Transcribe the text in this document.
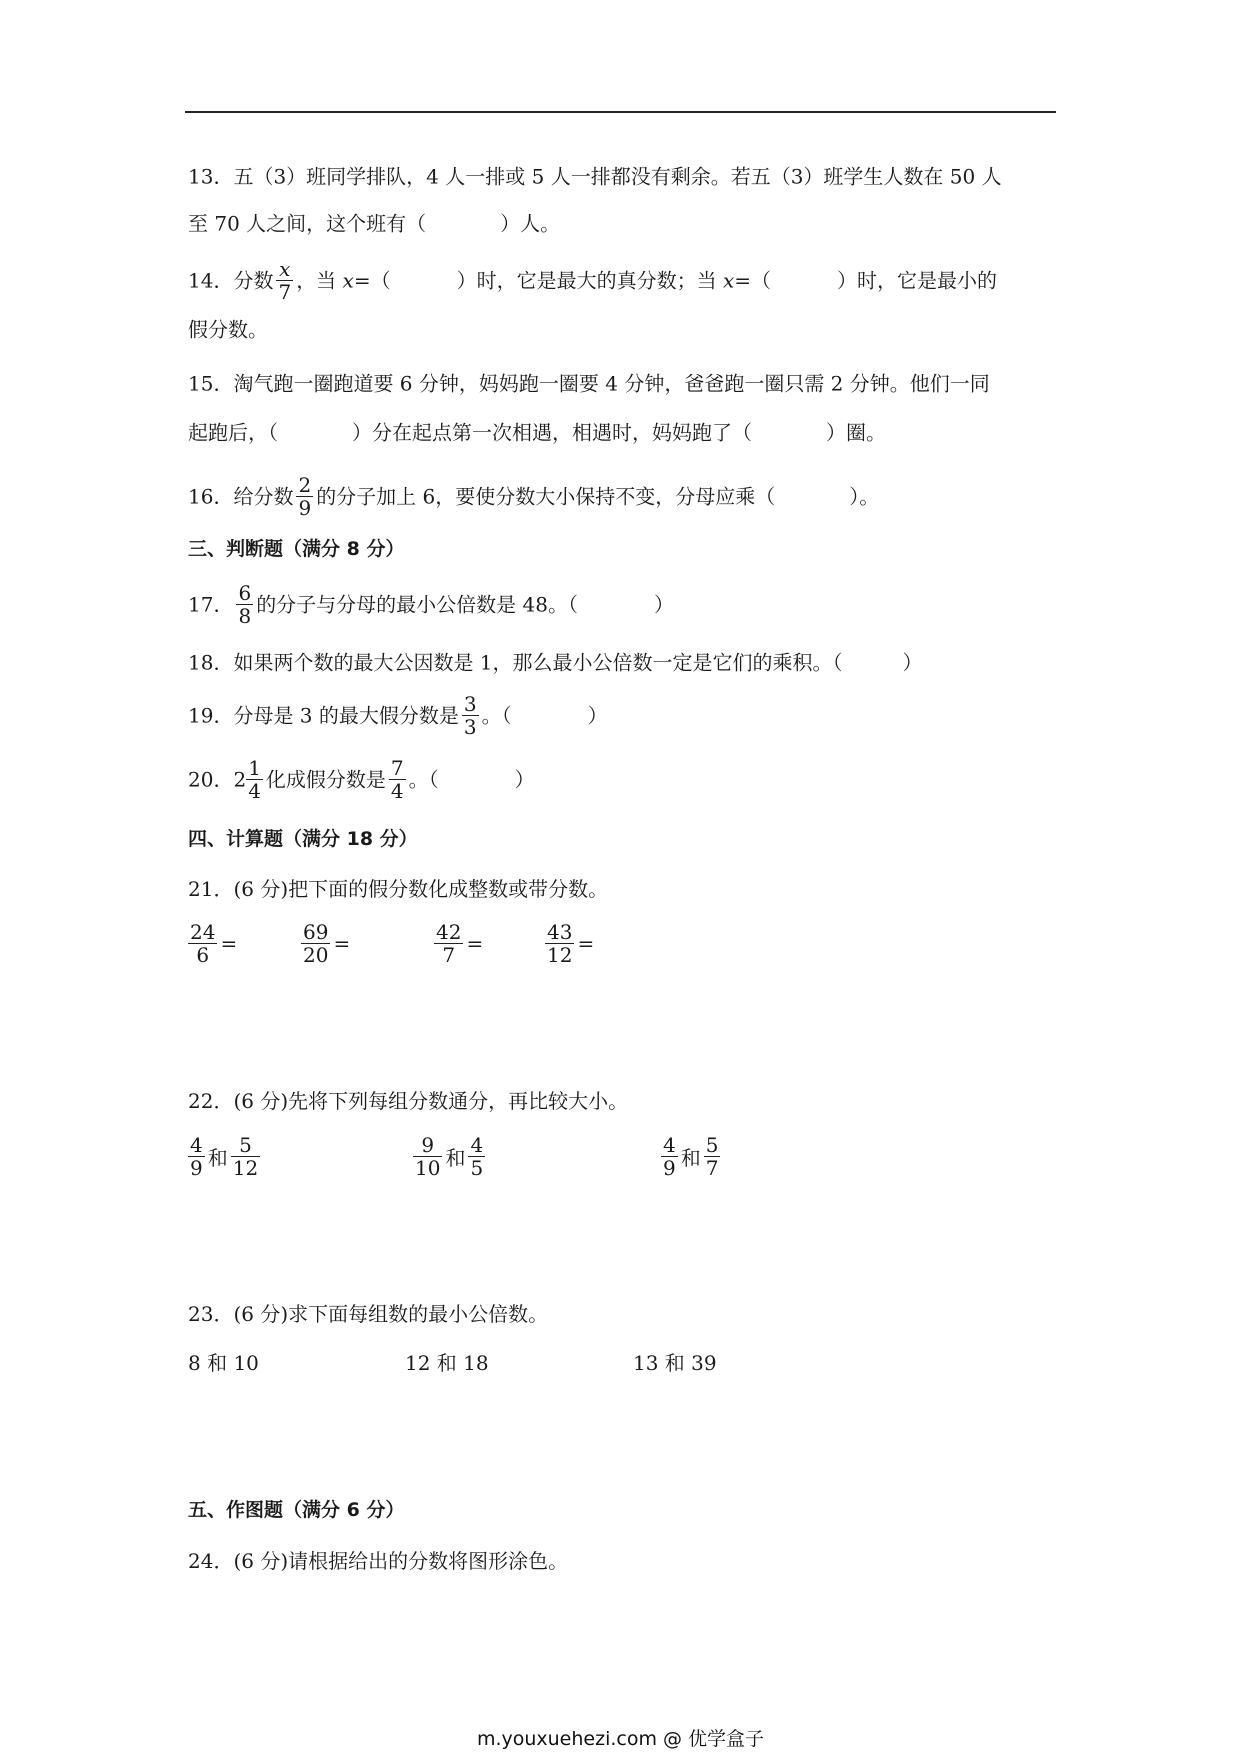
13．五（3）班同学排队，4 人一排或 5 人一排都没有剩余。若五（3）班学生人数在 50 人
至 70 人之间，这个班有（	）人。
14．分数 $\frac{x}{7}$ ，当 x=（	）时，它是最大的真分数；当 x=（	）时，它是最小的
假分数。
15．淘气跑一圈跑道要 6 分钟，妈妈跑一圈要 4 分钟，爸爸跑一圈只需 2 分钟。他们一同
起跑后，（	）分在起点第一次相遇，相遇时，妈妈跑了（	）圈。
16．给分数 $\frac{2}{9}$ 的分子加上 6，要使分数大小保持不变，分母应乘（	）。
三、判断题（满分 8 分）
17． $\frac{6}{8}$ 的分子与分母的最小公倍数是 48。（	）
18．如果两个数的最大公因数是 1，那么最小公倍数一定是它们的乘积。（	）
19．分母是 3 的最大假分数是 $\frac{3}{3}$ 。（	）
20．$2 \frac{1}{4}$ 化成假分数是 $\frac{7}{4}$ 。（	）
四、计算题（满分 18 分）
21．(6 分)把下面的假分数化成整数或带分数。
$\frac{24}{6}$ =	$\frac{69}{20}$ =	$\frac{42}{7}$ =	$\frac{43}{12}$ =
22．(6 分)先将下列每组分数通分，再比较大小。
$\frac{4}{9}$ 和 $\frac{5}{12}$	$\frac{9}{10}$ 和 $\frac{4}{5}$	$\frac{4}{9}$ 和 $\frac{5}{7}$
23．(6 分)求下面每组数的最小公倍数。
8 和 10	12 和 18	13 和 39
五、作图题（满分 6 分）
24．(6 分)请根据给出的分数将图形涂色。
m.youxuehezi.com @ 优学盒子
